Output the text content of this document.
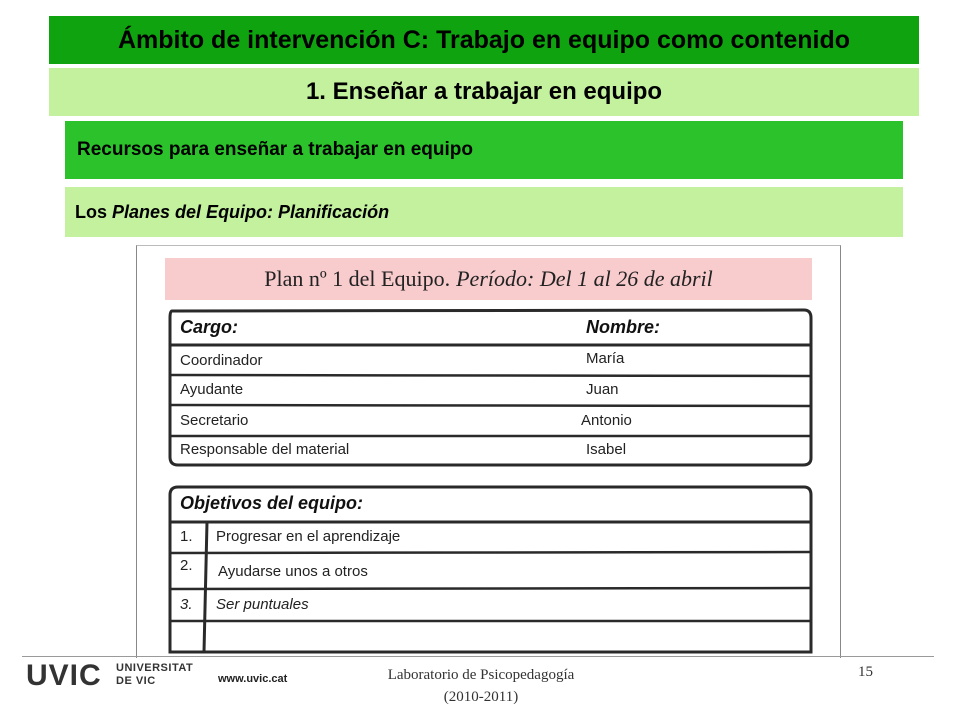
Ámbito de intervención C: Trabajo en equipo como contenido
1. Enseñar a trabajar en equipo
Recursos para enseñar a trabajar en equipo
Los Planes del Equipo: Planificación
Plan nº 1 del Equipo. Período: Del 1 al 26 de abril
Cargo:	Nombre:
Coordinador	María
Ayudante	Juan
Secretario	Antonio
Responsable del material	Isabel
Objetivos del equipo:
1. Progresar en el aprendizaje
2. Ayudarse unos a otros
3. Ser puntuales
UVIC UNIVERSITAT
DE VIC	www.uvic.cat	Laboratorio de Psicopedagogía
(2010-2011)
15
